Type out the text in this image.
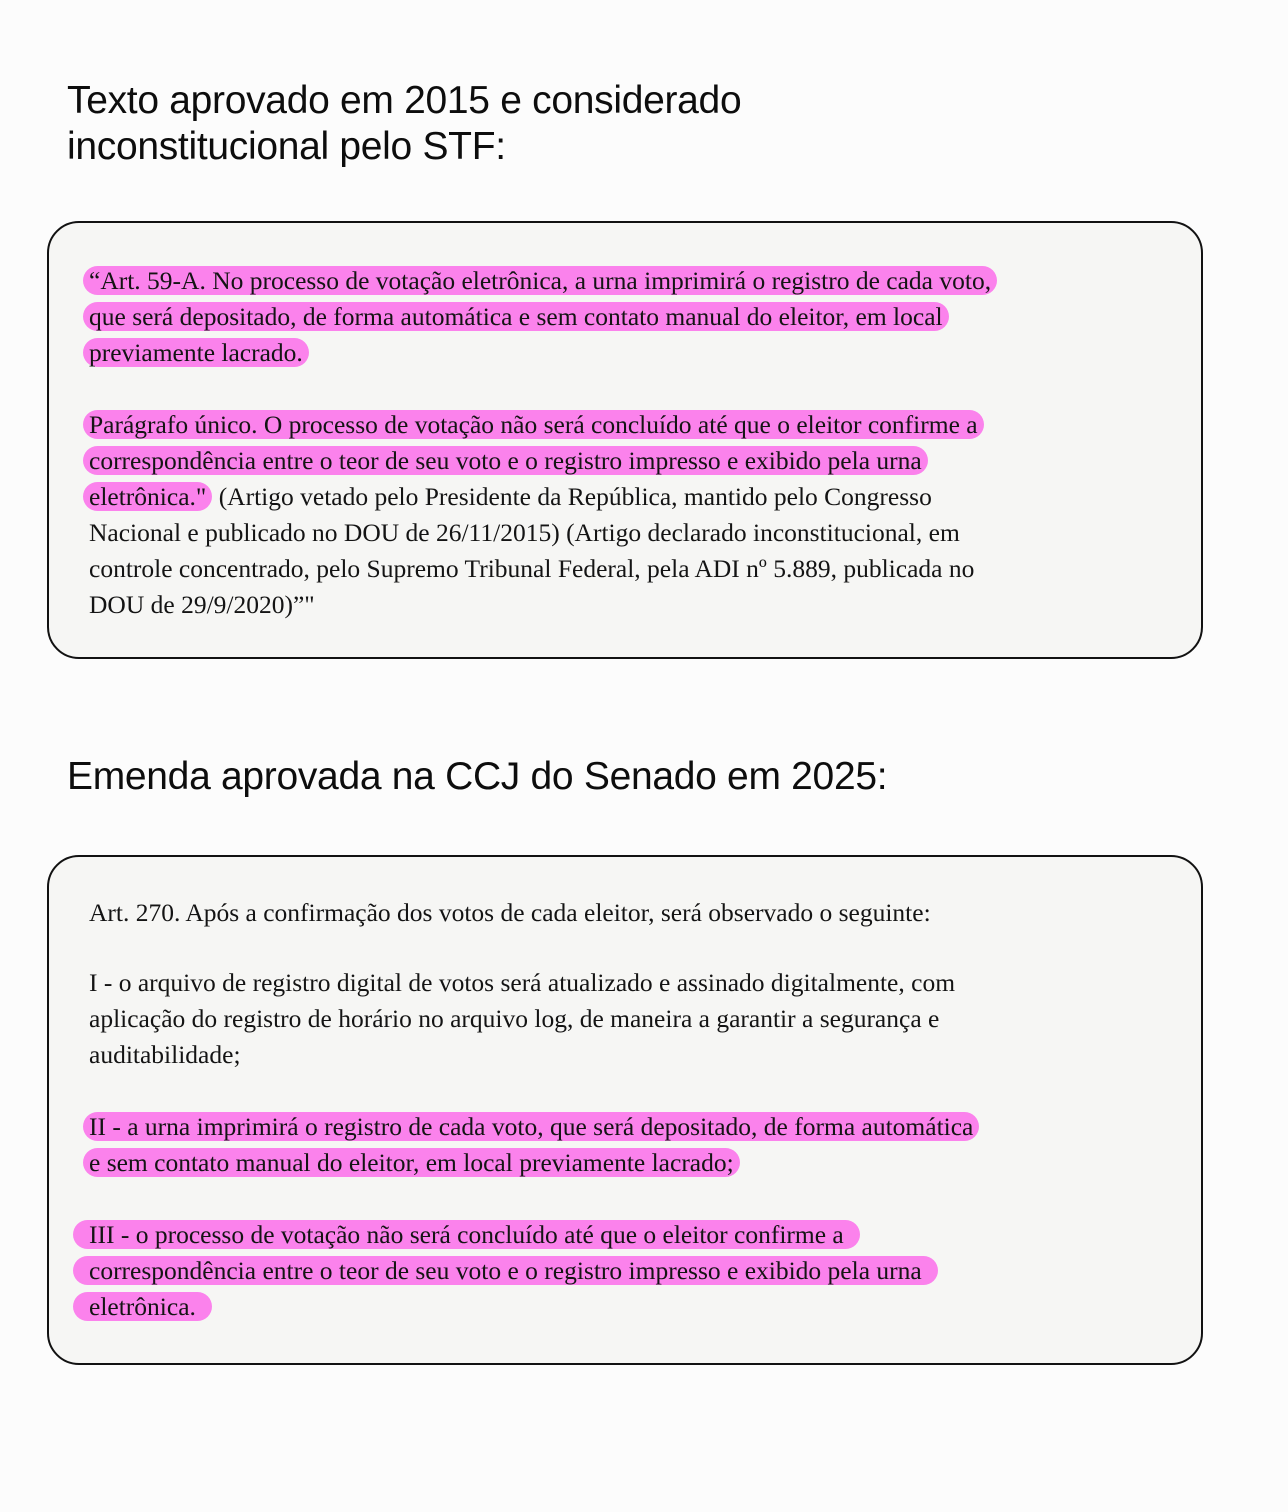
Texto aprovado em 2015 e considerado
inconstitucional pelo STF:
“Art. 59-A. No processo de votação eletrônica, a urna imprimirá o registro de cada voto,
que será depositado, de forma automática e sem contato manual do eleitor, em local
previamente lacrado.
Parágrafo único. O processo de votação não será concluído até que o eleitor confirme a
correspondência entre o teor de seu voto e o registro impresso e exibido pela urna
eletrônica." (Artigo vetado pelo Presidente da República, mantido pelo Congresso
Nacional e publicado no DOU de 26/11/2015) (Artigo declarado inconstitucional, em
controle concentrado, pelo Supremo Tribunal Federal, pela ADI nº 5.889, publicada no
DOU de 29/9/2020)”"
Emenda aprovada na CCJ do Senado em 2025:
Art. 270. Após a confirmação dos votos de cada eleitor, será observado o seguinte:
I - o arquivo de registro digital de votos será atualizado e assinado digitalmente, com
aplicação do registro de horário no arquivo log, de maneira a garantir a segurança e
auditabilidade;
II - a urna imprimirá o registro de cada voto, que será depositado, de forma automática
e sem contato manual do eleitor, em local previamente lacrado;
III - o processo de votação não será concluído até que o eleitor confirme a
correspondência entre o teor de seu voto e o registro impresso e exibido pela urna
eletrônica.
